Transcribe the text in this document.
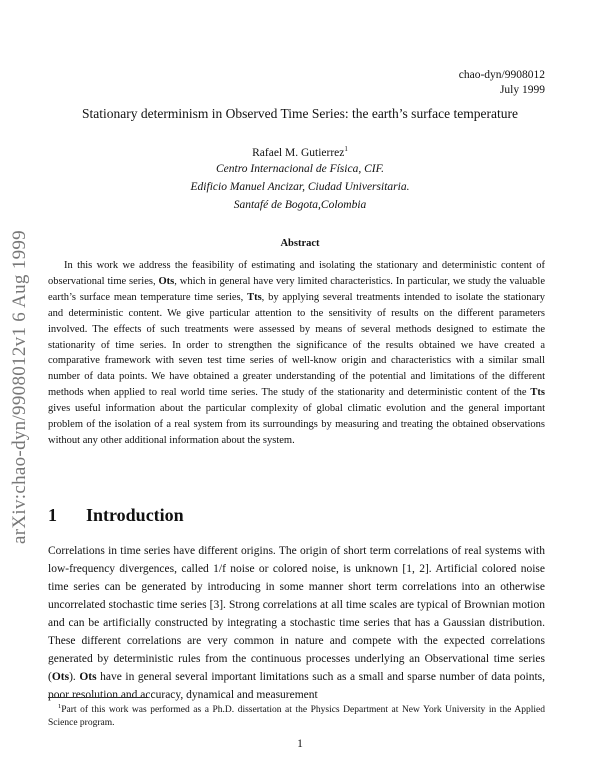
chao-dyn/9908012
July 1999
Stationary determinism in Observed Time Series: the earth’s surface temperature
Rafael M. Gutierrez$^1$
Centro Internacional de Física, CIF.
Edificio Manuel Ancizar, Ciudad Universitaria.
Santafé de Bogota,Colombia
Abstract

In this work we address the feasibility of estimating and isolating the stationary and deterministic content of observational time series, Ots, which in general have very limited characteristics. In particular, we study the valuable earth’s surface mean temperature time series, Tts, by applying several treatments intended to isolate the stationary and deterministic content. We give particular attention to the sensitivity of results on the different parameters involved. The effects of such treatments were assessed by means of several methods designed to estimate the stationarity of time series. In order to strengthen the significance of the results obtained we have created a comparative framework with seven test time series of well-know origin and characteristics with a similar small number of data points. We have obtained a greater understanding of the potential and limitations of the different methods when applied to real world time series. The study of the stationarity and deterministic content of the Tts gives useful information about the particular complexity of global climatic evolution and the general important problem of the isolation of a real system from its surroundings by measuring and treating the obtained observations without any other additional information about the system.

arXiv:chao-dyn/9908012v1 6 Aug 1999 1 Introduction

Correlations in time series have different origins. The origin of short term correlations of real systems with low-frequency divergences, called 1/f noise or colored noise, is unknown [1, 2]. Artificial colored noise time series can be generated by introducing in some manner short term correlations into an otherwise uncorrelated stochastic time series [3]. Strong correlations at all time scales are typical of Brownian motion and can be artificially constructed by integrating a stochastic time series that has a Gaussian distribution. These different correlations are very common in nature and compete with the expected correlations generated by deterministic rules from the continuous processes underlying an Observational time series (Ots). Ots have in general several important limitations such as a small and sparse number of data points, poor resolution and accuracy, dynamical and measurement

$^1$Part of this work was performed as a Ph.D. dissertation at the Physics Department at New York University in the Applied Science program.

1
